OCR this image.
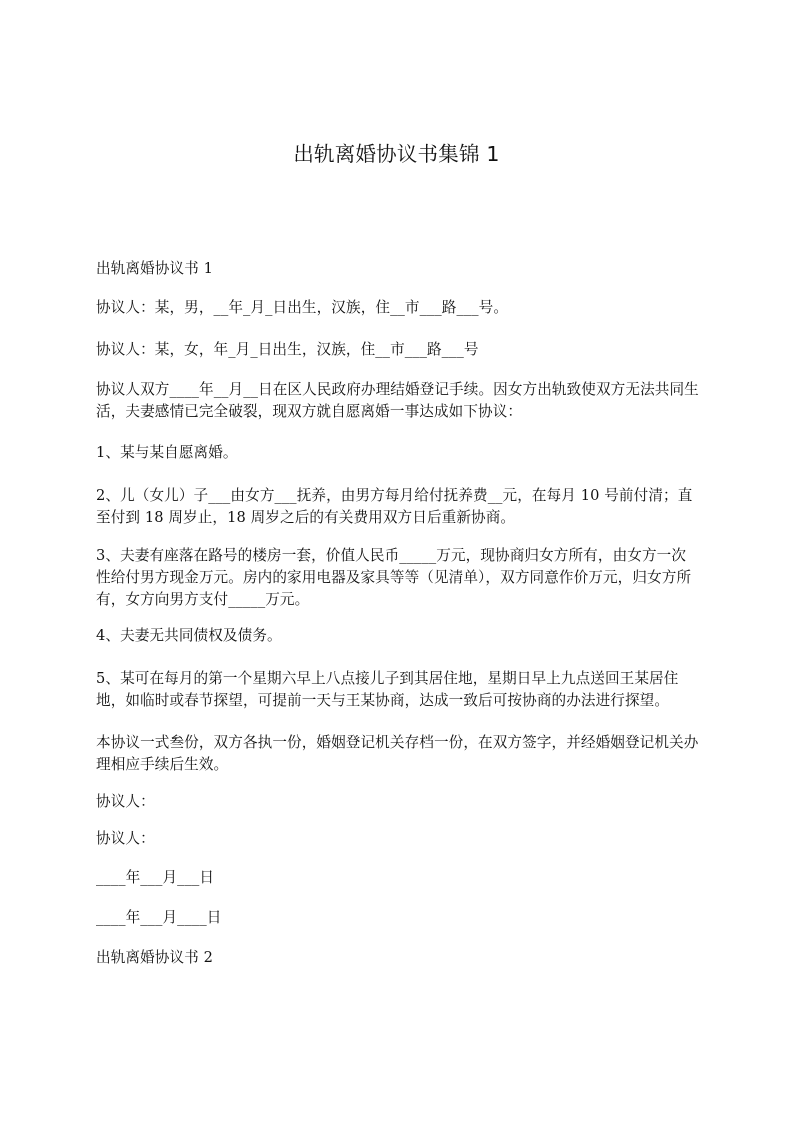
出轨离婚协议书集锦 1

出轨离婚协议书 1

协议人：某，男，__年_月_日出生，汉族，住__市___路___号。

协议人：某，女，年_月_日出生，汉族，住__市___路___号

协议人双方____年__月__日在区人民政府办理结婚登记手续。因女方出轨致使双方无法共同生活，夫妻感情已完全破裂，现双方就自愿离婚一事达成如下协议：

1、某与某自愿离婚。

2、儿（女儿）子___由女方___抚养，由男方每月给付抚养费__元，在每月 10 号前付清；直至付到 18 周岁止，18 周岁之后的有关费用双方日后重新协商。

3、夫妻有座落在路号的楼房一套，价值人民币_____万元，现协商归女方所有，由女方一次性给付男方现金万元。房内的家用电器及家具等等（见清单），双方同意作价万元，归女方所有，女方向男方支付_____万元。

4、夫妻无共同债权及债务。

5、某可在每月的第一个星期六早上八点接儿子到其居住地，星期日早上九点送回王某居住地，如临时或春节探望，可提前一天与王某协商，达成一致后可按协商的办法进行探望。

本协议一式叁份，双方各执一份，婚姻登记机关存档一份，在双方签字，并经婚姻登记机关办理相应手续后生效。

协议人：

协议人：

____年___月___日

____年___月____日

出轨离婚协议书 2
